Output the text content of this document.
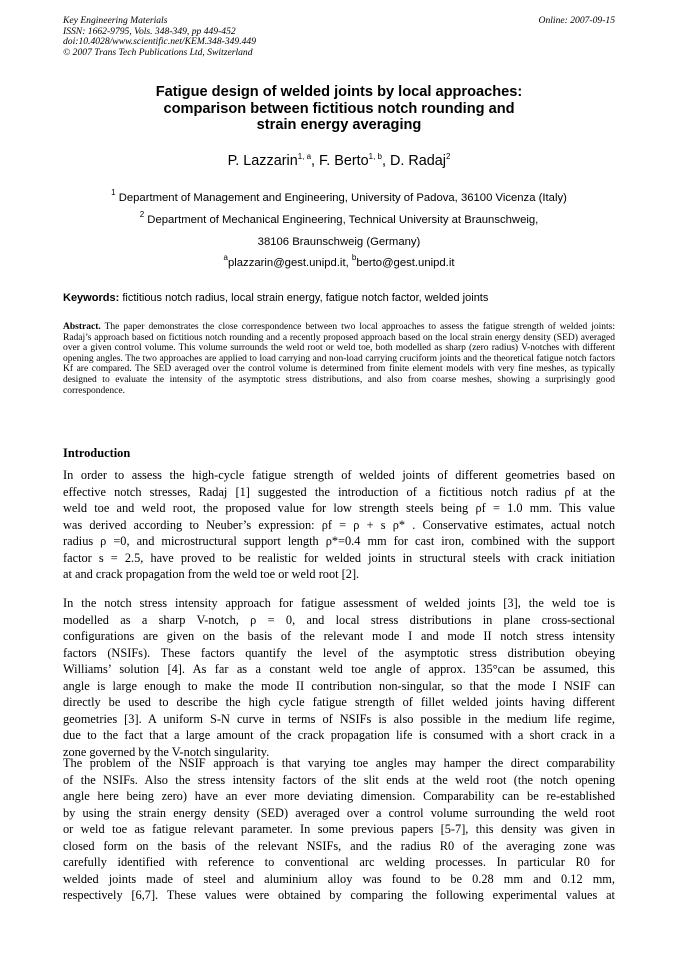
Key Engineering Materials
ISSN: 1662-9795, Vols. 348-349, pp 449-452
doi:10.4028/www.scientific.net/KEM.348-349.449
© 2007 Trans Tech Publications Ltd, Switzerland
Online: 2007-09-15
Fatigue design of welded joints by local approaches:
comparison between fictitious notch rounding and
strain energy averaging
P. Lazzarin$^{1, a}$, F. Berto$^{1, b}$, D. Radaj$^2$
$^1$ Department of Management and Engineering, University of Padova, 36100 Vicenza (Italy)
$^2$ Department of Mechanical Engineering, Technical University at Braunschweig,
38106 Braunschweig (Germany)
$^a$plazzarin@gest.unipd.it, $^b$berto@gest.unipd.it
Keywords: fictitious notch radius, local strain energy, fatigue notch factor, welded joints
Abstract. The paper demonstrates the close correspondence between two local approaches to assess the fatigue strength of welded joints: Radaj’s approach based on fictitious notch rounding and a recently proposed approach based on the local strain energy density (SED) averaged over a given control volume. This volume surrounds the weld root or weld toe, both modelled as sharp (zero radius) V-notches with different opening angles. The two approaches are applied to load carrying and non-load carrying cruciform joints and the theoretical fatigue notch factors Kf are compared. The SED averaged over the control volume is determined from finite element models with very fine meshes, as typically designed to evaluate the intensity of the asymptotic stress distributions, and also from coarse meshes, showing a surprisingly good correspondence.
Introduction
In order to assess the high-cycle fatigue strength of welded joints of different geometries based on
effective notch stresses, Radaj [1] suggested the introduction of a fictitious notch radius ρf at the
weld toe and weld root, the proposed value for low strength steels being ρf = 1.0 mm. This value
was derived according to Neuber’s expression: ρf = ρ + s ρ* . Conservative estimates, actual notch
radius ρ =0, and microstructural support length ρ*=0.4 mm for cast iron, combined with the support
factor s = 2.5, have proved to be realistic for welded joints in structural steels with crack initiation
at and crack propagation from the weld toe or weld root [2].
In the notch stress intensity approach for fatigue assessment of welded joints [3], the weld toe is
modelled as a sharp V-notch, ρ = 0, and local stress distributions in plane cross-sectional
configurations are given on the basis of the relevant mode I and mode II notch stress intensity
factors (NSIFs). These factors quantify the level of the asymptotic stress distribution obeying
Williams’ solution [4]. As far as a constant weld toe angle of approx. 135°can be assumed, this
angle is large enough to make the mode II contribution non-singular, so that the mode I NSIF can
directly be used to describe the high cycle fatigue strength of fillet welded joints having different
geometries [3]. A uniform S-N curve in terms of NSIFs is also possible in the medium life regime,
due to the fact that a large amount of the crack propagation life is consumed with a short crack in a
zone governed by the V-notch singularity.
The problem of the NSIF approach is that varying toe angles may hamper the direct comparability
of the NSIFs. Also the stress intensity factors of the slit ends at the weld root (the notch opening
angle here being zero) have an ever more deviating dimension. Comparability can be re-established
by using the strain energy density (SED) averaged over a control volume surrounding the weld root
or weld toe as fatigue relevant parameter. In some previous papers [5-7], this density was given in
closed form on the basis of the relevant NSIFs, and the radius R0 of the averaging zone was
carefully identified with reference to conventional arc welding processes. In particular R0 for
welded joints made of steel and aluminium alloy was found to be 0.28 mm and 0.12 mm,
respectively [6,7]. These values were obtained by comparing the following experimental values at
